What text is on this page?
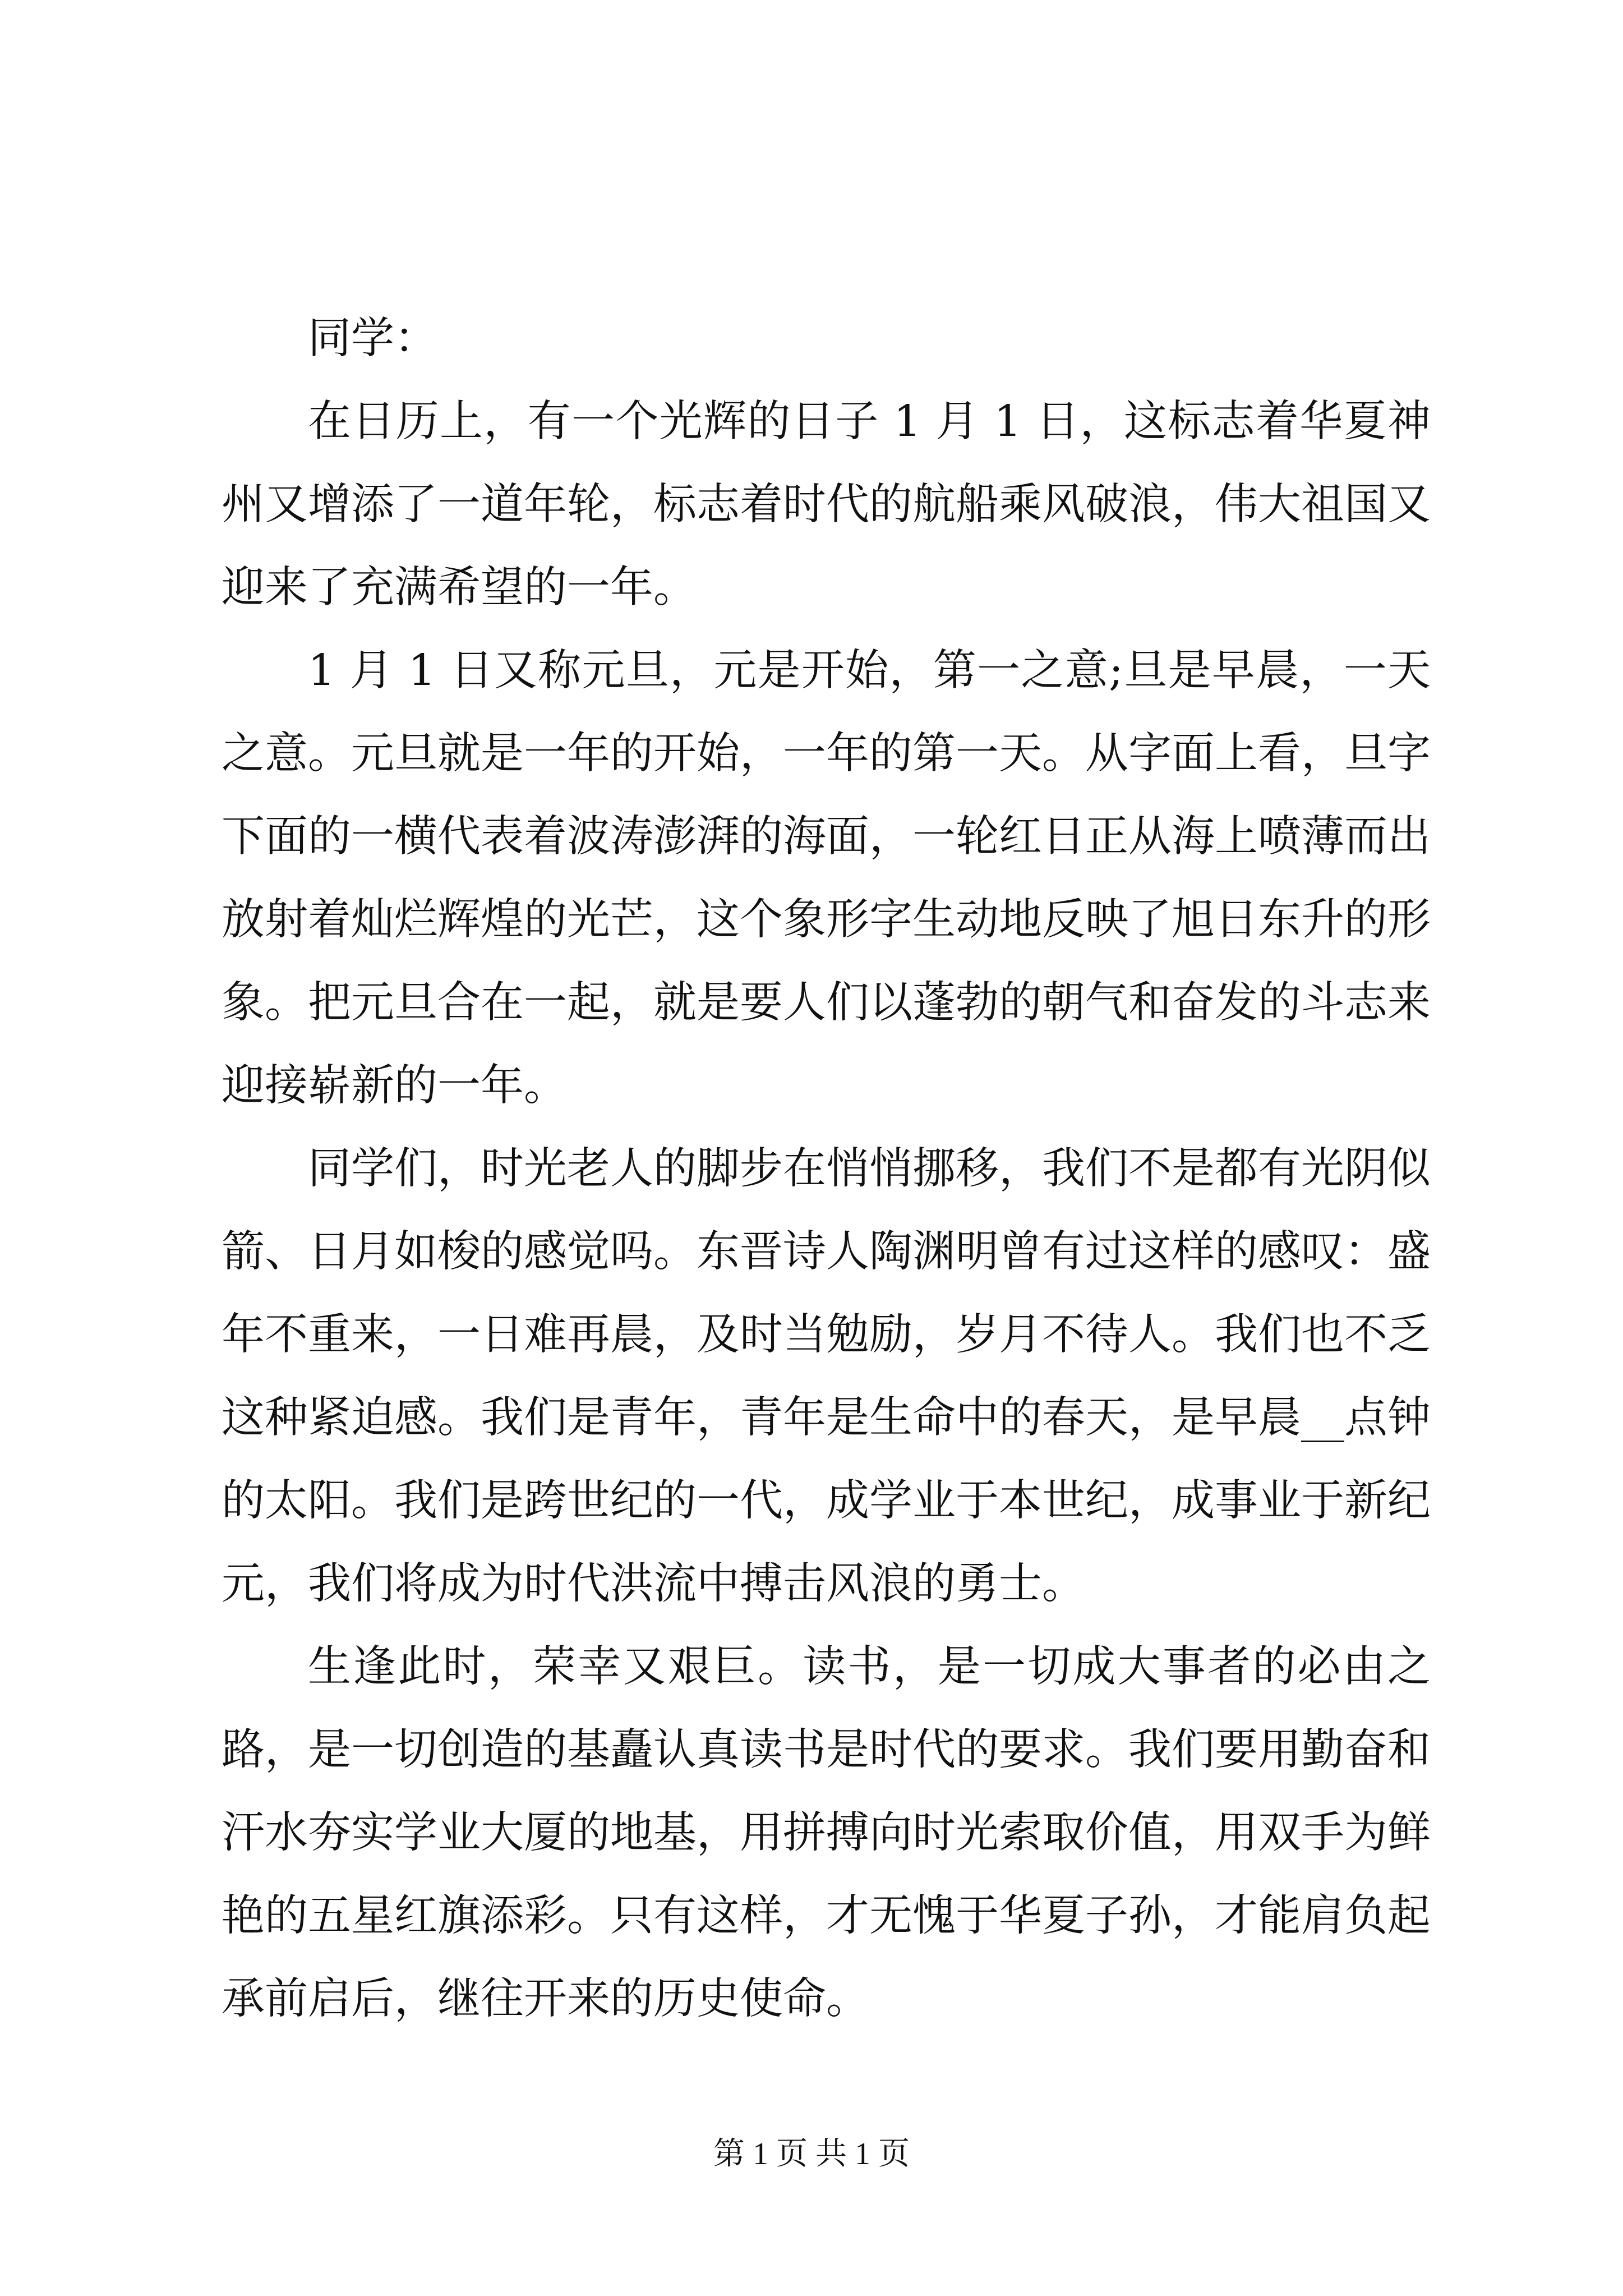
同学：

在日历上，有一个光辉的日子 1 月 1 日，这标志着华夏神州又增添了一道年轮，标志着时代的航船乘风破浪，伟大祖国又迎来了充满希望的一年。

1 月 1 日又称元旦，元是开始，第一之意;旦是早晨，一天之意。元旦就是一年的开始，一年的第一天。从字面上看，旦字下面的一横代表着波涛澎湃的海面，一轮红日正从海上喷薄而出放射着灿烂辉煌的光芒，这个象形字生动地反映了旭日东升的形象。把元旦合在一起，就是要人们以蓬勃的朝气和奋发的斗志来迎接崭新的一年。

同学们，时光老人的脚步在悄悄挪移，我们不是都有光阴似箭、日月如梭的感觉吗。东晋诗人陶渊明曾有过这样的感叹：盛年不重来，一日难再晨，及时当勉励，岁月不待人。我们也不乏这种紧迫感。我们是青年，青年是生命中的春天，是早晨__点钟的太阳。我们是跨世纪的一代，成学业于本世纪，成事业于新纪元，我们将成为时代洪流中搏击风浪的勇士。

生逢此时，荣幸又艰巨。读书，是一切成大事者的必由之路，是一切创造的基矗认真读书是时代的要求。我们要用勤奋和汗水夯实学业大厦的地基，用拼搏向时光索取价值，用双手为鲜艳的五星红旗添彩。只有这样，才无愧于华夏子孙，才能肩负起承前启后，继往开来的历史使命。

第 1 页 共 1 页
